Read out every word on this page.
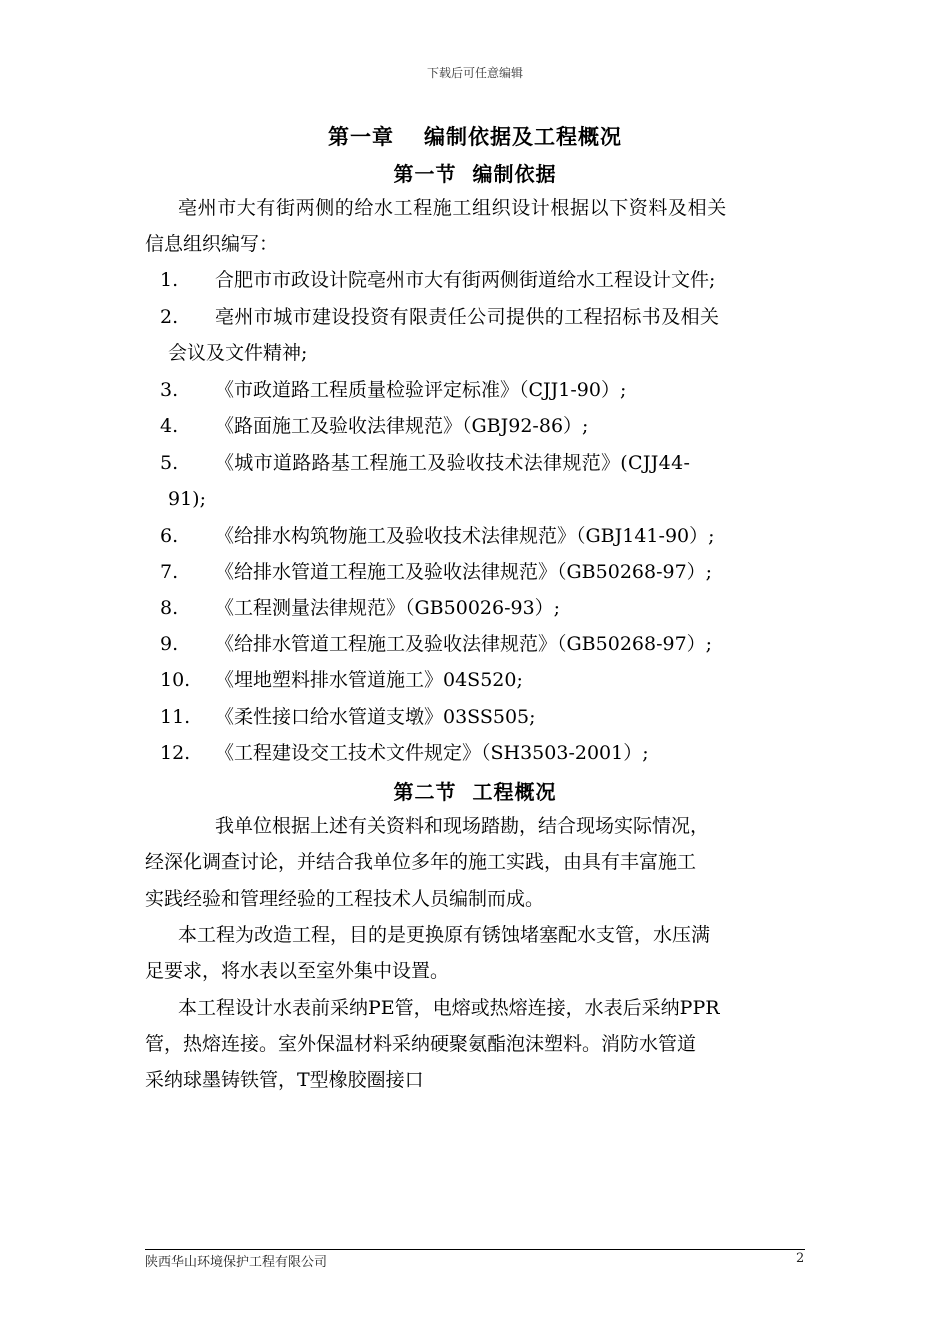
下载后可任意编辑
第一章 编制依据及工程概况
第一节 编制依据
亳州市大有街两侧的给水工程施工组织设计根据以下资料及相关
信息组织编写：
1. 合肥市市政设计院亳州市大有街两侧街道给水工程设计文件;
2. 亳州市城市建设投资有限责任公司提供的工程招标书及相关
会议及文件精神;
3. 《市政道路工程质量检验评定标准》（CJJ1-90）;
4. 《路面施工及验收法律规范》（GBJ92-86）;
5. 《城市道路路基工程施工及验收技术法律规范》(CJJ44-
91);
6. 《给排水构筑物施工及验收技术法律规范》（GBJ141-90）;
7. 《给排水管道工程施工及验收法律规范》（GB50268-97）;
8. 《工程测量法律规范》（GB50026-93）;
9. 《给排水管道工程施工及验收法律规范》（GB50268-97）;
10. 《埋地塑料排水管道施工》04S520;
11. 《柔性接口给水管道支墩》03SS505;
12. 《工程建设交工技术文件规定》（SH3503-2001）;
第二节 工程概况
我单位根据上述有关资料和现场踏勘，结合现场实际情况，
经深化调查讨论，并结合我单位多年的施工实践，由具有丰富施工
实践经验和管理经验的工程技术人员编制而成。
本工程为改造工程，目的是更换原有锈蚀堵塞配水支管，水压满
足要求，将水表以至室外集中设置。
本工程设计水表前采纳PE管，电熔或热熔连接，水表后采纳PPR
管，热熔连接。室外保温材料采纳硬聚氨酯泡沫塑料。消防水管道
采纳球墨铸铁管，T型橡胶圈接口
陕西华山环境保护工程有限公司	2
